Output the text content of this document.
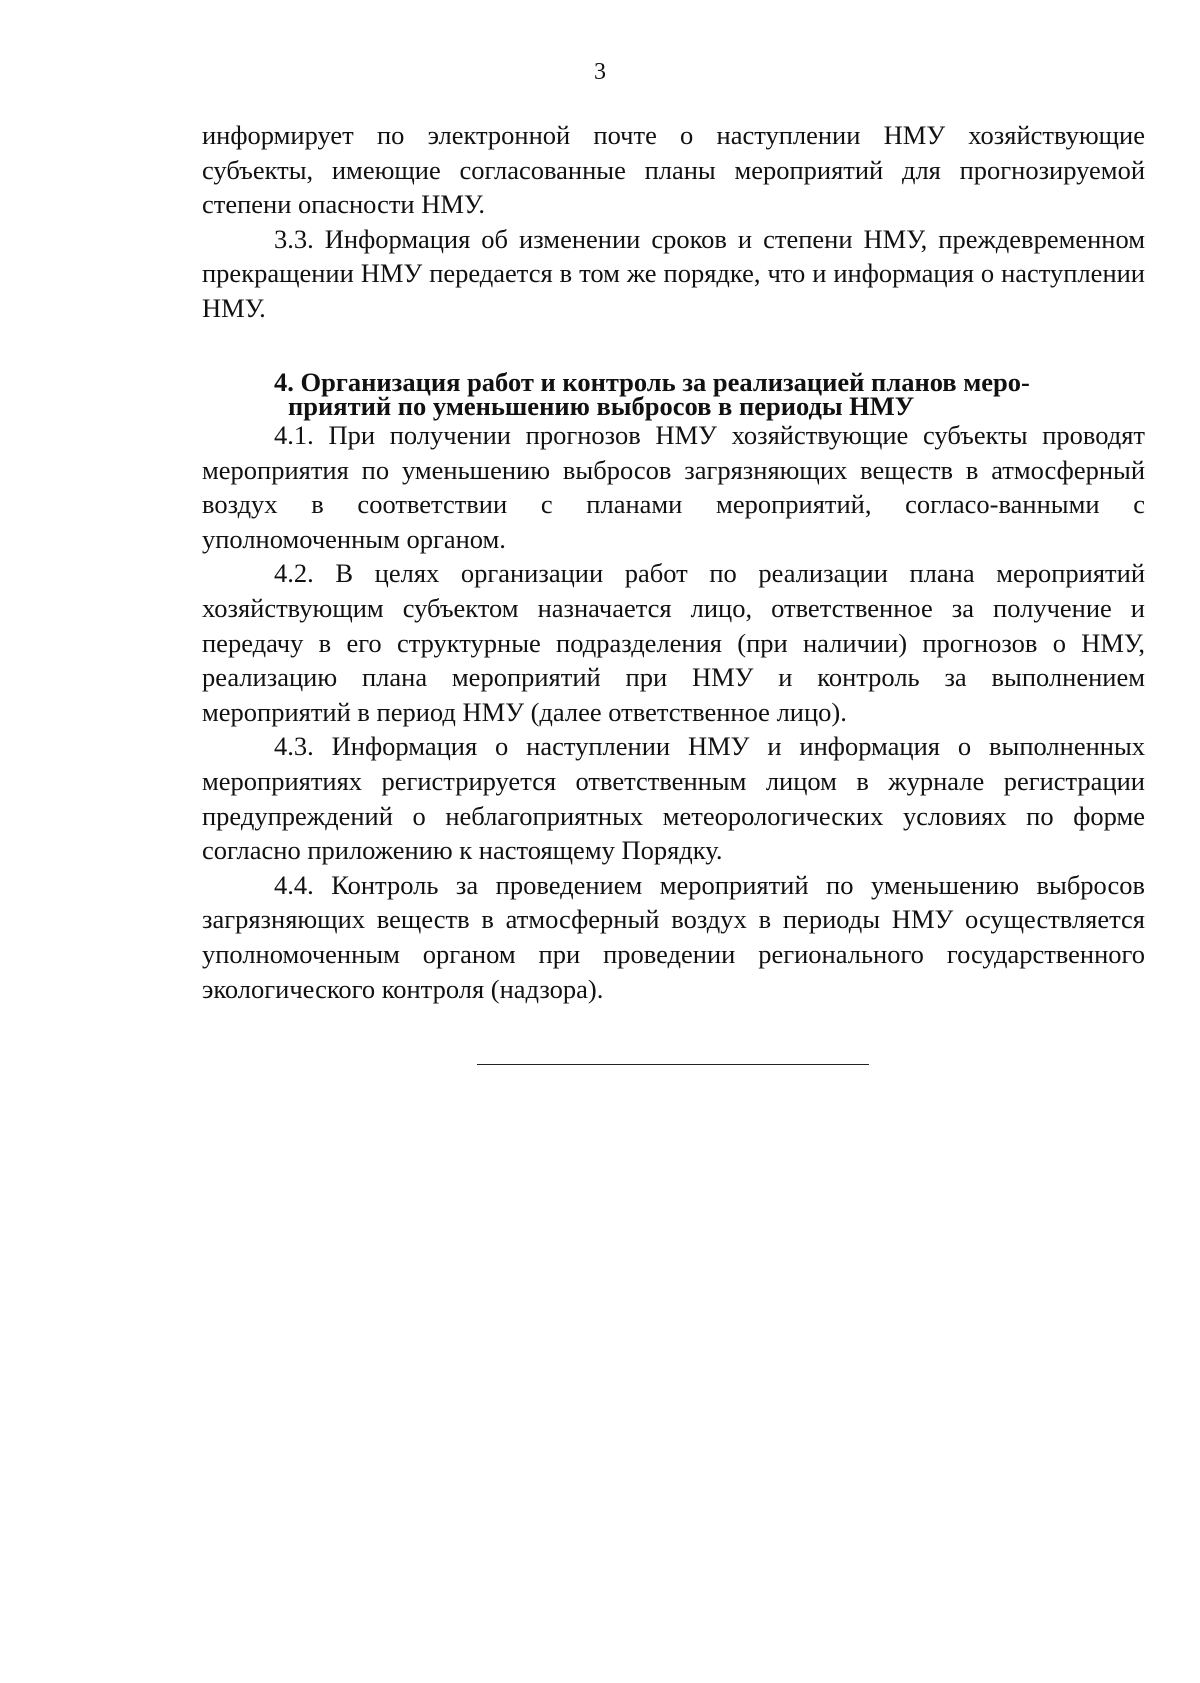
3

информирует по электронной почте о наступлении НМУ хозяйствующие субъекты, имеющие согласованные планы мероприятий для прогнозируемой степени опасности НМУ.

3.3. Информация об изменении сроков и степени НМУ, преждевременном прекращении НМУ передается в том же порядке, что и информация о наступлении НМУ.

4. Организация работ и контроль за реализацией планов меро-

приятий по уменьшению выбросов в периоды НМУ

4.1. При получении прогнозов НМУ хозяйствующие субъекты проводят мероприятия по уменьшению выбросов загрязняющих веществ в атмосферный воздух в соответствии с планами мероприятий, согласо-ванными с уполномоченным органом.

4.2. В целях организации работ по реализации плана мероприятий хозяйствующим субъектом назначается лицо, ответственное за получение и передачу в его структурные подразделения (при наличии) прогнозов о НМУ, реализацию плана мероприятий при НМУ и контроль за выполнением мероприятий в период НМУ (далее ответственное лицо).

4.3. Информация о наступлении НМУ и информация о выполненных мероприятиях регистрируется ответственным лицом в журнале регистрации предупреждений о неблагоприятных метеорологических условиях по форме согласно приложению к настоящему Порядку.

4.4. Контроль за проведением мероприятий по уменьшению выбросов загрязняющих веществ в атмосферный воздух в периоды НМУ осуществляется уполномоченным органом при проведении регионального государственного экологического контроля (надзора).
